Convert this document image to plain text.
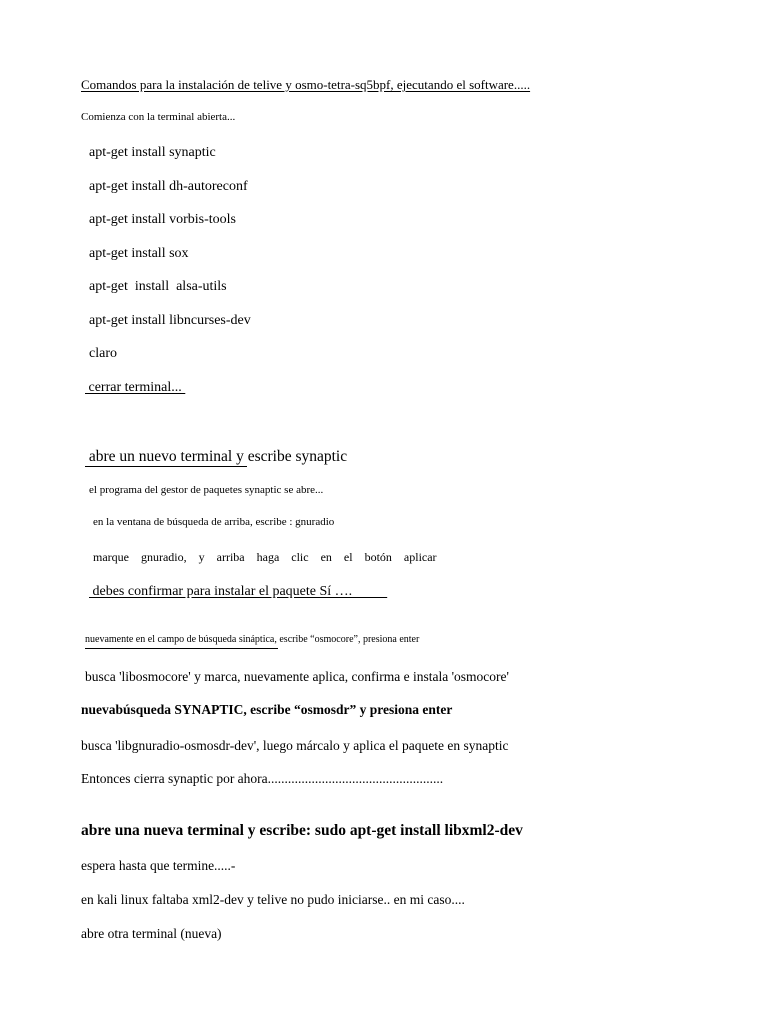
Comandos para la instalación de telive y osmo-tetra-sq5bpf, ejecutando el software.....
Comienza con la terminal abierta...
apt-get install synaptic
apt-get install dh-autoreconf
apt-get install vorbis-tools
apt-get install sox
apt-get  install  alsa-utils
apt-get install libncurses-dev
claro
cerrar terminal...
abre un nuevo terminal y escribe synaptic
el programa del gestor de paquetes synaptic se abre...
en la ventana de búsqueda de arriba, escribe : gnuradio
marque  gnuradio,  y  arriba  haga  clic  en  el  botón  aplicar
debes confirmar para instalar el paquete Sí ….
nuevamente en el campo de búsqueda sináptica, escribe “osmocore”, presiona enter
busca 'libosmocore' y marca, nuevamente aplica, confirma e instala 'osmocore'
nuevabúsqueda SYNAPTIC, escribe “osmosdr” y presiona enter
busca 'libgnuradio-osmosdr-dev', luego márcalo y aplica el paquete en synaptic
Entonces cierra synaptic por ahora....................................................
abre una nueva terminal y escribe: sudo apt-get install libxml2-dev
espera hasta que termine.....-
en kali linux faltaba xml2-dev y telive no pudo iniciarse.. en mi caso....
abre otra terminal (nueva)
